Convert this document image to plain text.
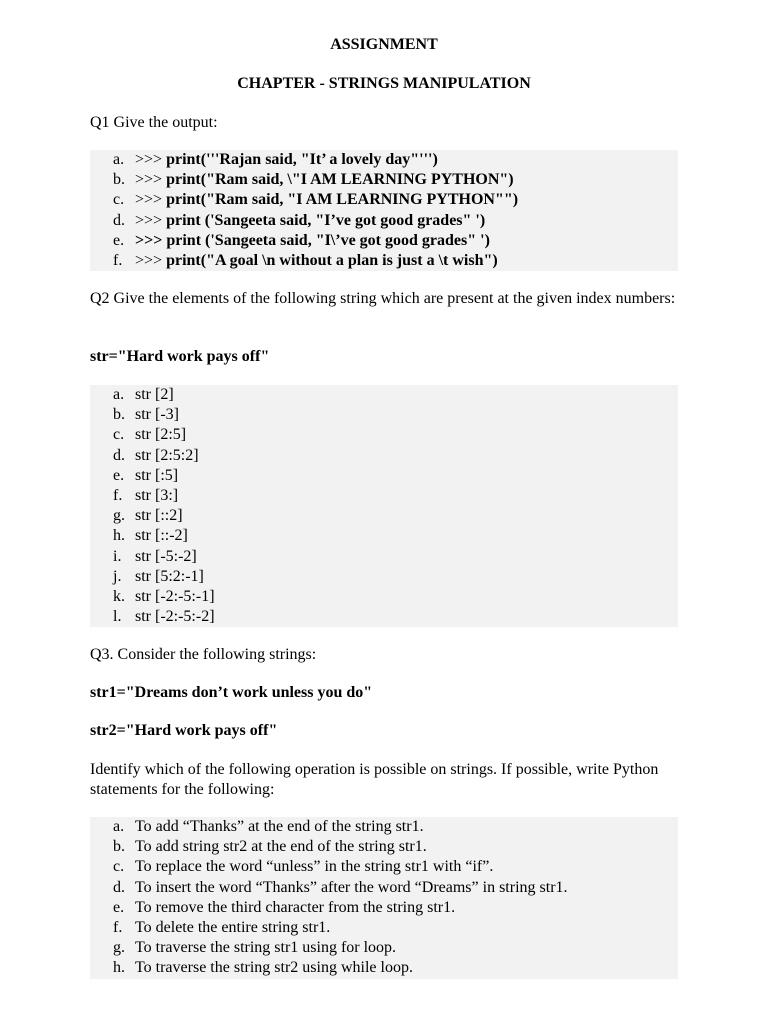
ASSIGNMENT
CHAPTER - STRINGS MANIPULATION
Q1 Give the output:
a. >>> print('''Rajan said, "It’ a lovely day"''')
b. >>> print("Ram said, \"I AM LEARNING PYTHON")
c. >>> print("Ram said, "I AM LEARNING PYTHON"")
d. >>> print ('Sangeeta said, "I’ve got good grades" ')
e. >>> print ('Sangeeta said, "I\’ve got good grades" ')
f. >>> print("A goal \n without a plan is just a \t wish")
Q2 Give the elements of the following string which are present at the given index numbers:
str="Hard work pays off"
a. str [2]
b. str [-3]
c. str [2:5]
d. str [2:5:2]
e. str [:5]
f. str [3:]
g. str [::2]
h. str [::-2]
i. str [-5:-2]
j. str [5:2:-1]
k. str [-2:-5:-1]
l. str [-2:-5:-2]
Q3. Consider the following strings:
str1="Dreams don’t work unless you do"
str2="Hard work pays off"
Identify which of the following operation is possible on strings. If possible, write Python statements for the following:
a. To add “Thanks” at the end of the string str1.
b. To add string str2 at the end of the string str1.
c. To replace the word “unless” in the string str1 with “if”.
d. To insert the word “Thanks” after the word “Dreams” in string str1.
e. To remove the third character from the string str1.
f. To delete the entire string str1.
g. To traverse the string str1 using for loop.
h. To traverse the string str2 using while loop.
